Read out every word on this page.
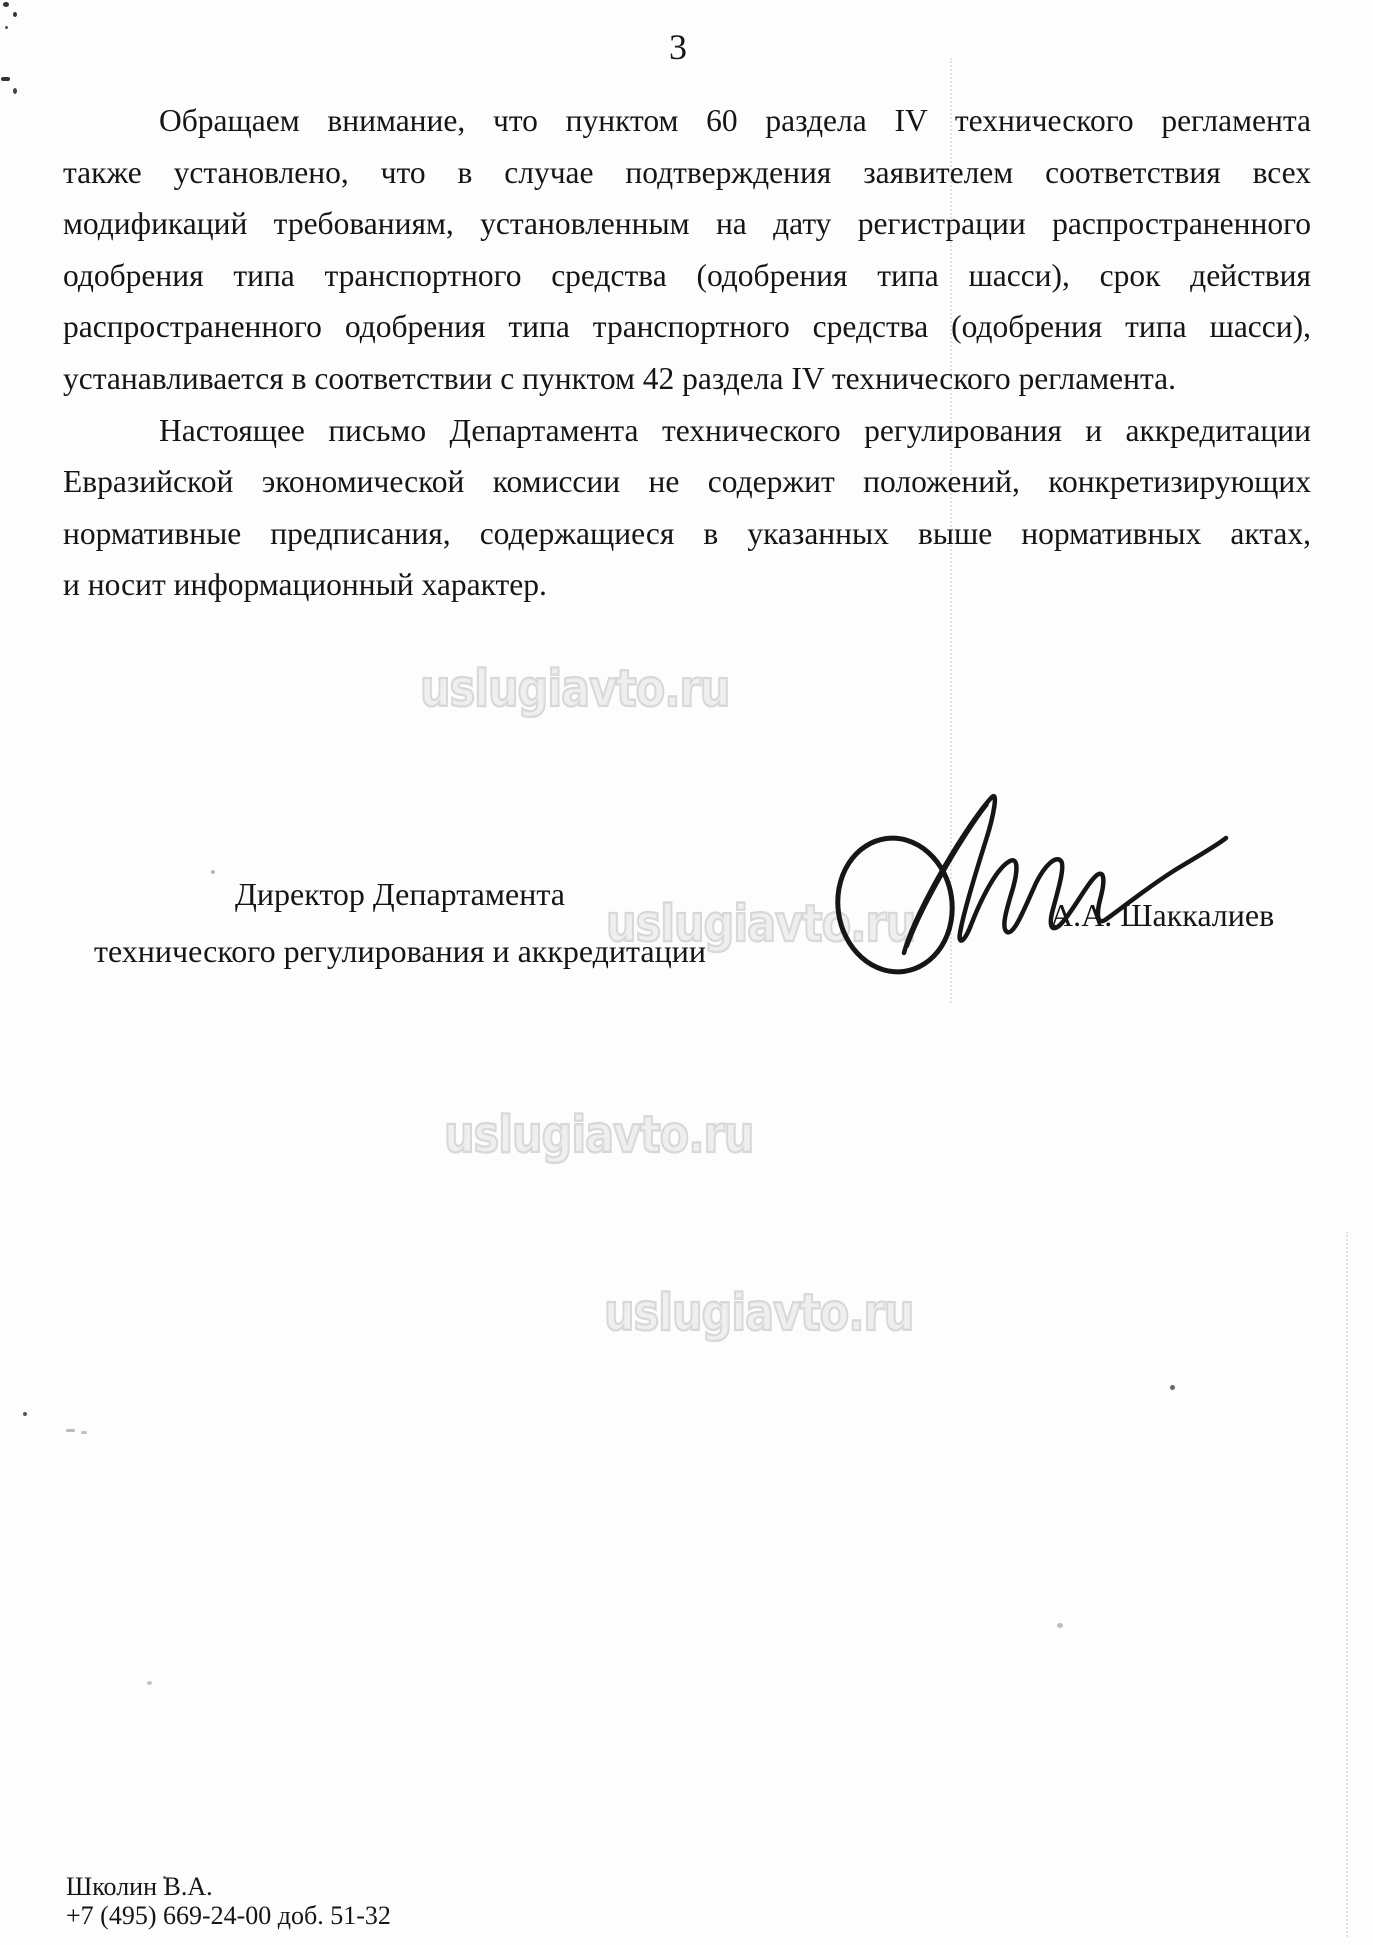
3
uslugiavto.ru
uslugiavto.ru
uslugiavto.ru
uslugiavto.ru
Обращаем внимание, что пунктом 60 раздела IV технического регламента
также установлено, что в случае подтверждения заявителем соответствия всех
модификаций требованиям, установленным на дату регистрации распространенного
одобрения типа транспортного средства (одобрения типа шасси), срок действия
распространенного одобрения типа транспортного средства (одобрения типа шасси),
устанавливается в соответствии с пунктом 42 раздела IV технического регламента.
Настоящее письмо Департамента технического регулирования и аккредитации
Евразийской экономической комиссии не содержит положений, конкретизирующих
нормативные предписания, содержащиеся в указанных выше нормативных актах,
и носит информационный характер.
Директор Департамента
технического регулирования и аккредитации
А.А. Шаккалиев
Школин В.А.
+7 (495) 669-24-00 доб. 51-32
